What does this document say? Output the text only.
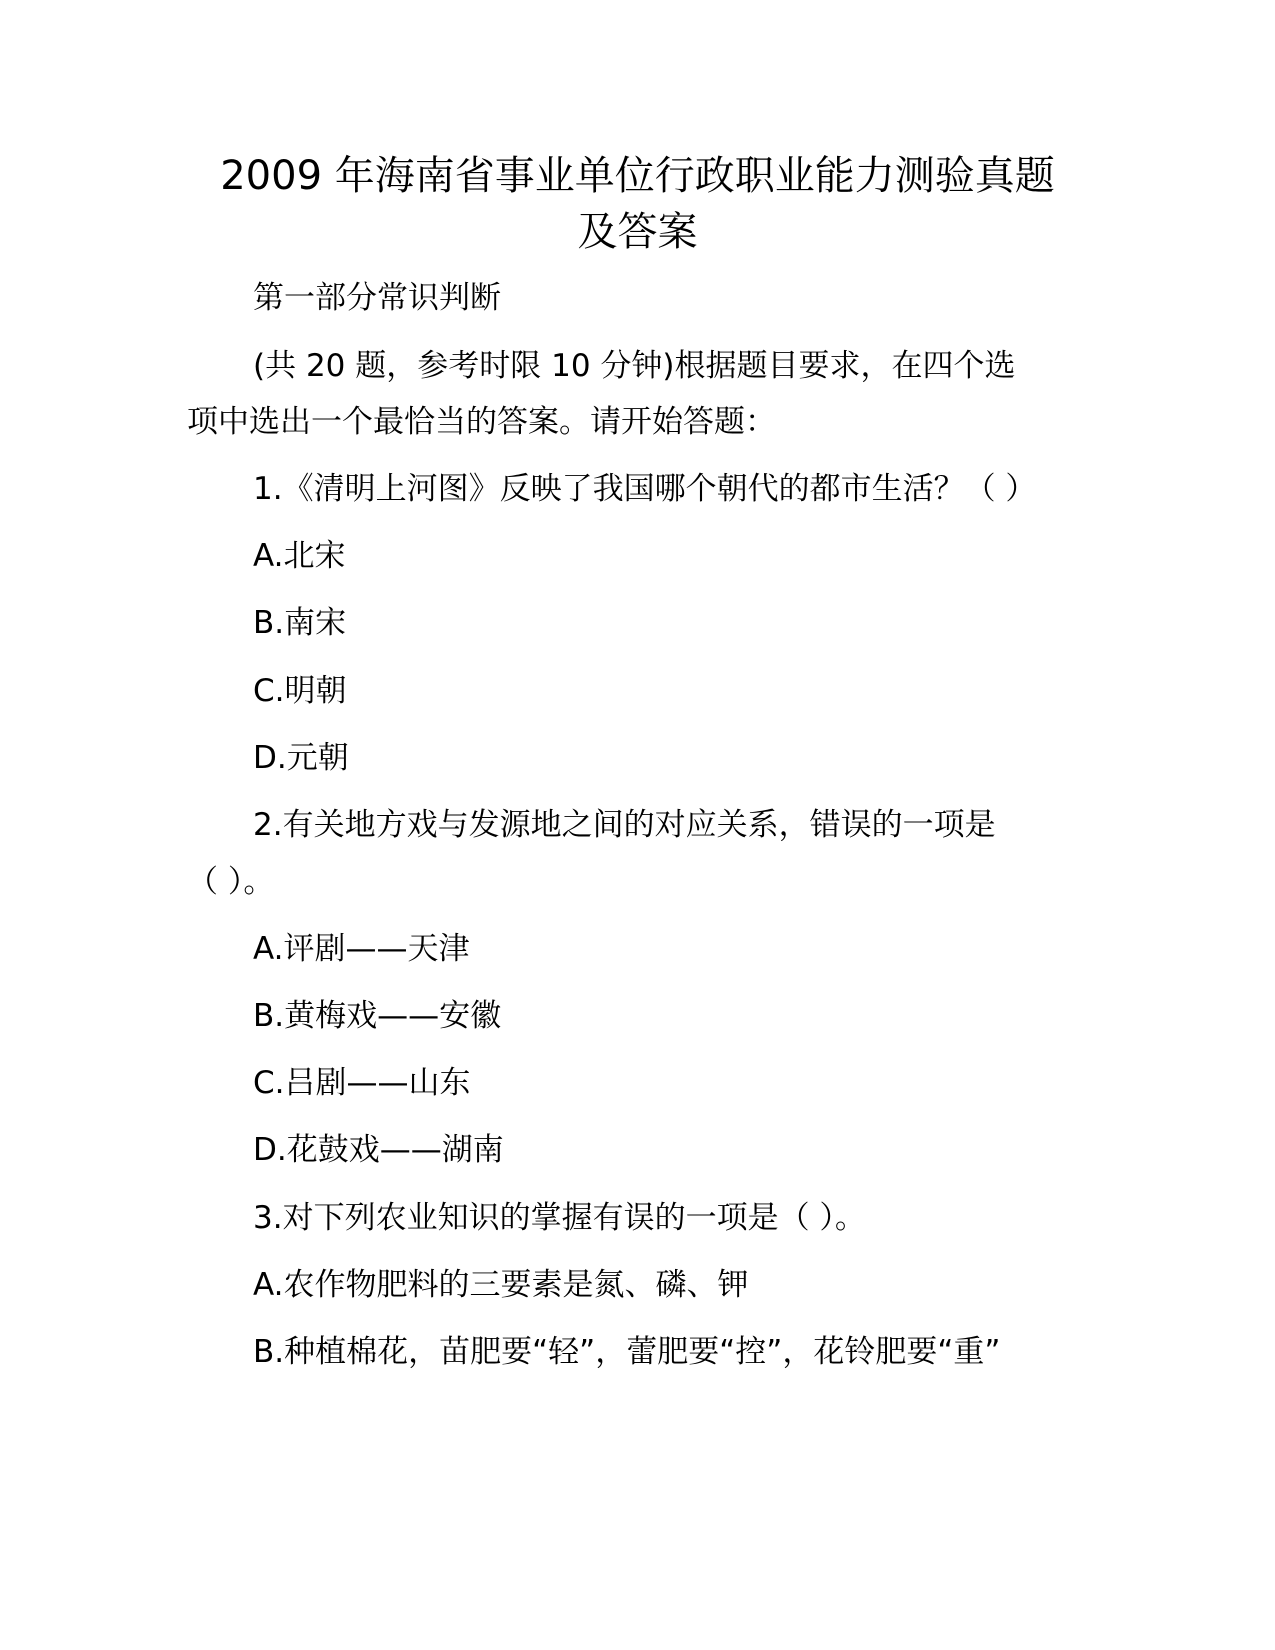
2009 年海南省事业单位行政职业能力测验真题
及答案

第一部分常识判断

(共 20 题，参考时限 10 分钟)根据题目要求，在四个选

项中选出一个最恰当的答案。请开始答题：

1.《清明上河图》反映了我国哪个朝代的都市生活？（ ）

A.北宋

B.南宋

C.明朝

D.元朝

2.有关地方戏与发源地之间的对应关系，错误的一项是

（ ）。

A.评剧——天津

B.黄梅戏——安徽

C.吕剧——山东

D.花鼓戏——湖南

3.对下列农业知识的掌握有误的一项是（ ）。

A.农作物肥料的三要素是氮、磷、钾

B.种植棉花，苗肥要“轻”，蕾肥要“控”，花铃肥要“重”
